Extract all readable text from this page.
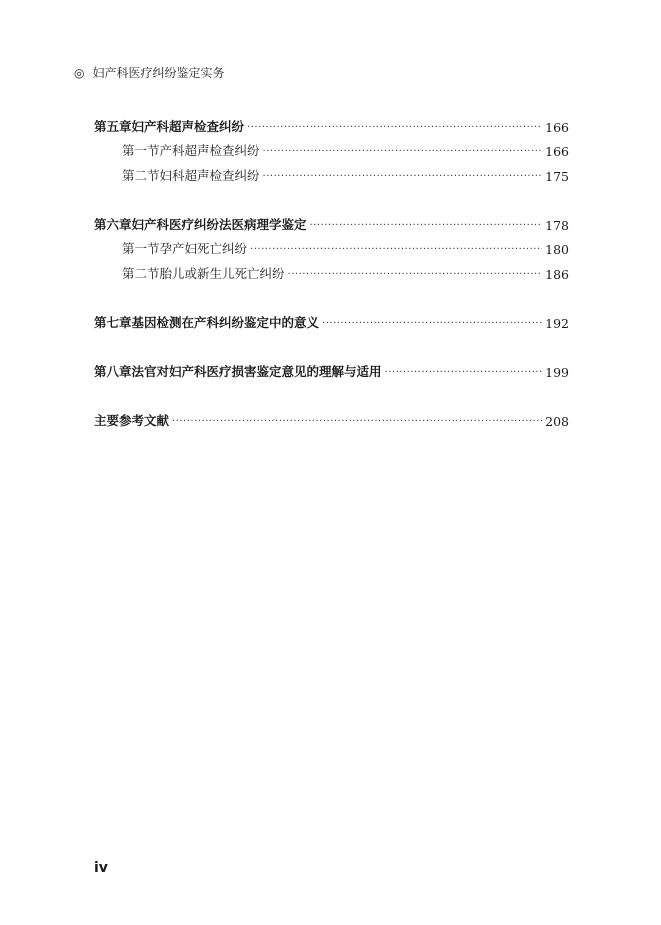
◎ 妇产科医疗纠纷鉴定实务
第五章 妇产科超声检查纠纷 ·····	166
第一节 产科超声检查纠纷 ·····	166
第二节 妇科超声检查纠纷 ·····	175
第六章 妇产科医疗纠纷法医病理学鉴定 ·····	178
第一节 孕产妇死亡纠纷 ·····	180
第二节 胎儿或新生儿死亡纠纷 ·····	186
第七章 基因检测在产科纠纷鉴定中的意义 ·····	192
第八章 法官对妇产科医疗损害鉴定意见的理解与适用 ·····	199
主要参考文献 ·····	208
iv
